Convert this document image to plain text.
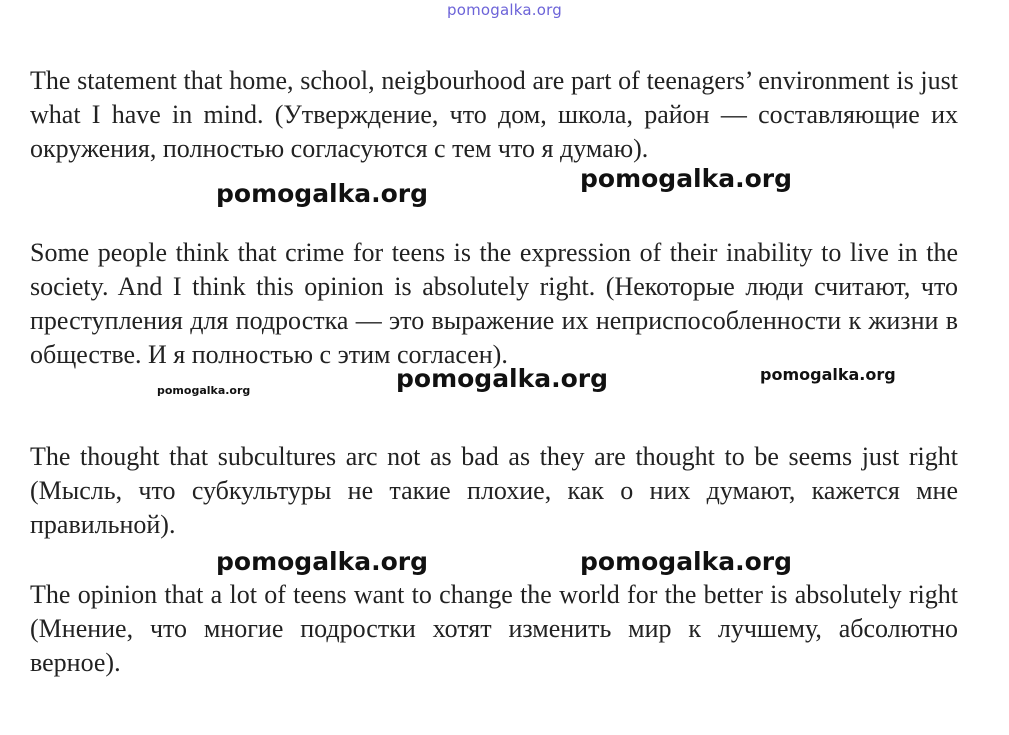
pomogalka.org

The statement that home, school, neigbourhood are part of teenagers’ environment is just what I have in mind. (Утверждение, что дом, школа, район — составляющие их окружения, полностью согласуются с тем что я думаю).

Some people think that crime for teens is the expression of their inability to live in the society. And I think this opinion is absolutely right. (Некоторые люди считают, что преступления для подростка — это выражение их неприспособленности к жизни в обществе. И я полностью с этим согласен).

The thought that subcultures arc not as bad as they are thought to be seems just right (Мысль, что субкультуры не такие плохие, как о них думают, кажется мне правильной).

The opinion that a lot of teens want to change the world for the better is absolutely right (Мнение, что многие подростки хотят изменить мир к лучшему, абсолютно верное).

pomogalka.org
pomogalka.org
pomogalka.org	pomogalka.org
pomogalka.org
pomogalka.org	pomogalka.org
